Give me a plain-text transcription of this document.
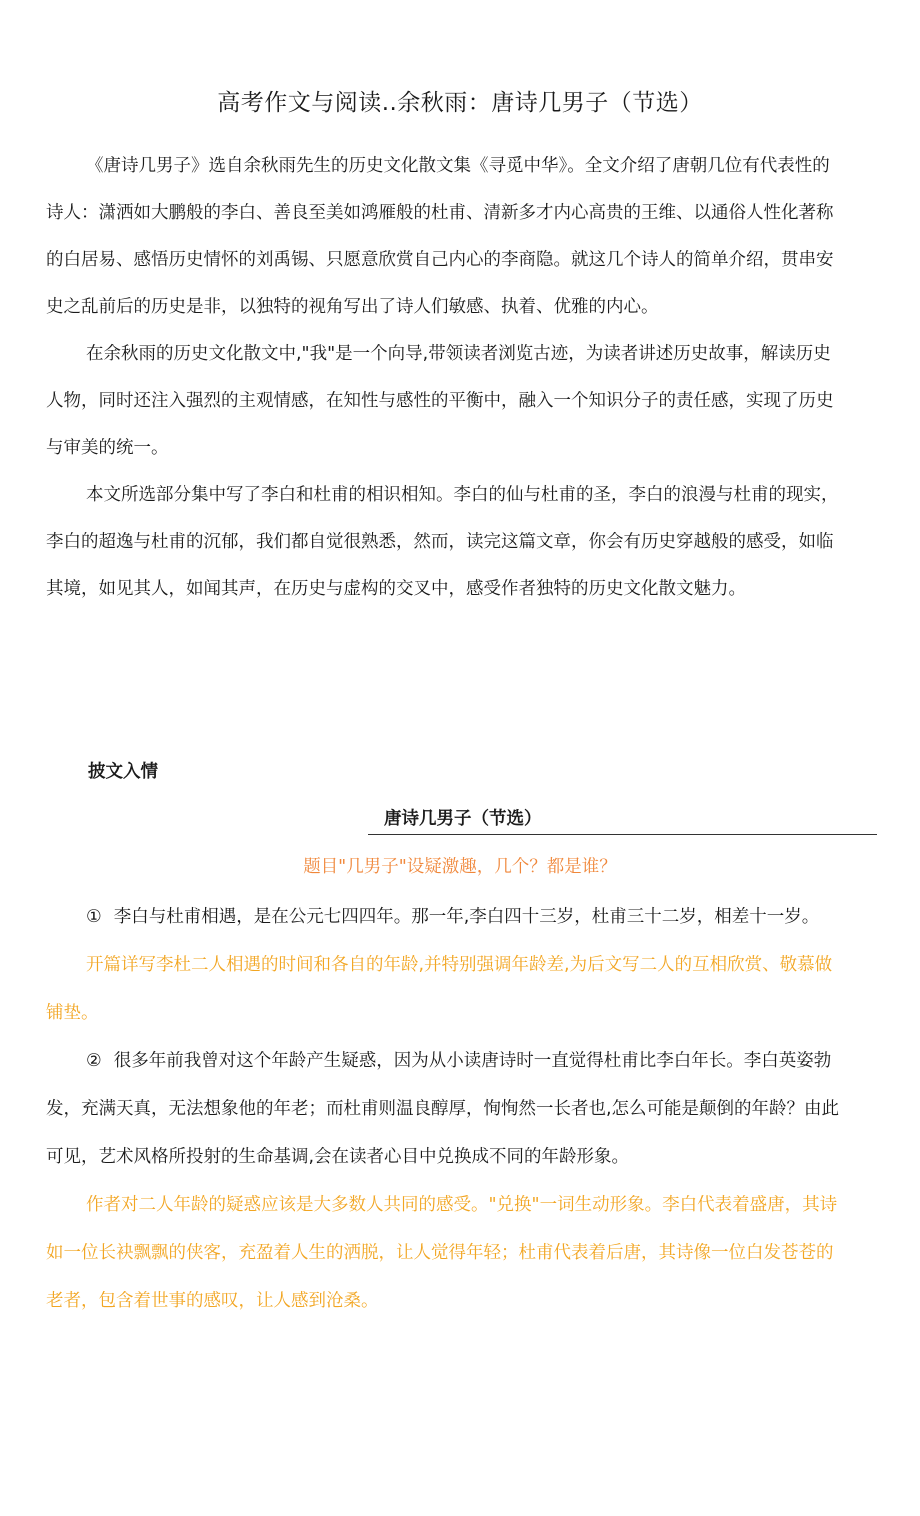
高考作文与阅读..余秋雨：唐诗几男子（节选）

《唐诗几男子》选自余秋雨先生的历史文化散文集《寻觅中华》。全文介绍了唐朝几位有代表性的诗人：潇洒如大鹏般的李白、善良至美如鸿雁般的杜甫、清新多才内心高贵的王维、以通俗人性化著称的白居易、感悟历史情怀的刘禹锡、只愿意欣赏自己内心的李商隐。就这几个诗人的简单介绍，贯串安史之乱前后的历史是非，以独特的视角写出了诗人们敏感、执着、优雅的内心。

在余秋雨的历史文化散文中,"我"是一个向导,带领读者浏览古迹，为读者讲述历史故事，解读历史人物，同时还注入强烈的主观情感，在知性与感性的平衡中，融入一个知识分子的责任感，实现了历史与审美的统一。

本文所选部分集中写了李白和杜甫的相识相知。李白的仙与杜甫的圣，李白的浪漫与杜甫的现实，李白的超逸与杜甫的沉郁，我们都自觉很熟悉，然而，读完这篇文章，你会有历史穿越般的感受，如临其境，如见其人，如闻其声，在历史与虚构的交叉中，感受作者独特的历史文化散文魅力。

披文入情
唐诗几男子（节选）
题目"几男子"设疑激趣，几个？都是谁？

① 李白与杜甫相遇，是在公元七四四年。那一年,李白四十三岁，杜甫三十二岁，相差十一岁。

开篇详写李杜二人相遇的时间和各自的年龄,并特别强调年龄差,为后文写二人的互相欣赏、敬慕做铺垫。

② 很多年前我曾对这个年龄产生疑惑，因为从小读唐诗时一直觉得杜甫比李白年长。李白英姿勃发，充满天真，无法想象他的年老；而杜甫则温良醇厚，恂恂然一长者也,怎么可能是颠倒的年龄？由此可见，艺术风格所投射的生命基调,会在读者心目中兑换成不同的年龄形象。

作者对二人年龄的疑惑应该是大多数人共同的感受。"兑换"一词生动形象。李白代表着盛唐，其诗如一位长袂飘飘的侠客，充盈着人生的洒脱，让人觉得年轻；杜甫代表着后唐，其诗像一位白发苍苍的老者，包含着世事的感叹，让人感到沧桑。
